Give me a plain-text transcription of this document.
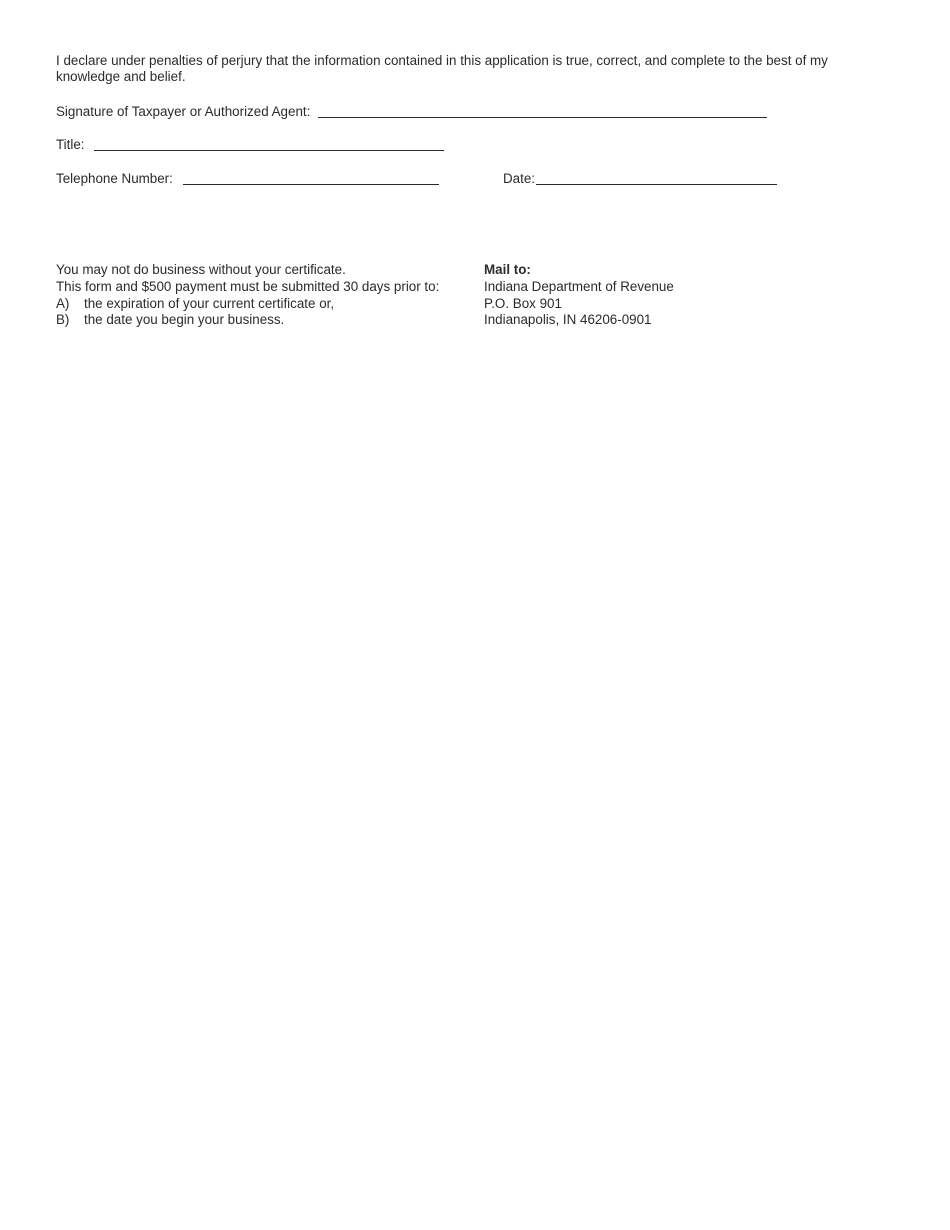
I declare under penalties of perjury that the information contained in this application is true, correct, and complete to the best of my knowledge and belief.
Signature of Taxpayer or Authorized Agent:
Title:
Telephone Number:	Date:
You may not do business without your certificate.
This form and $500 payment must be submitted 30 days prior to:
A)	the expiration of your current certificate or,
B)	the date you begin your business.
Mail to:
Indiana Department of Revenue
P.O. Box 901
Indianapolis, IN 46206-0901
